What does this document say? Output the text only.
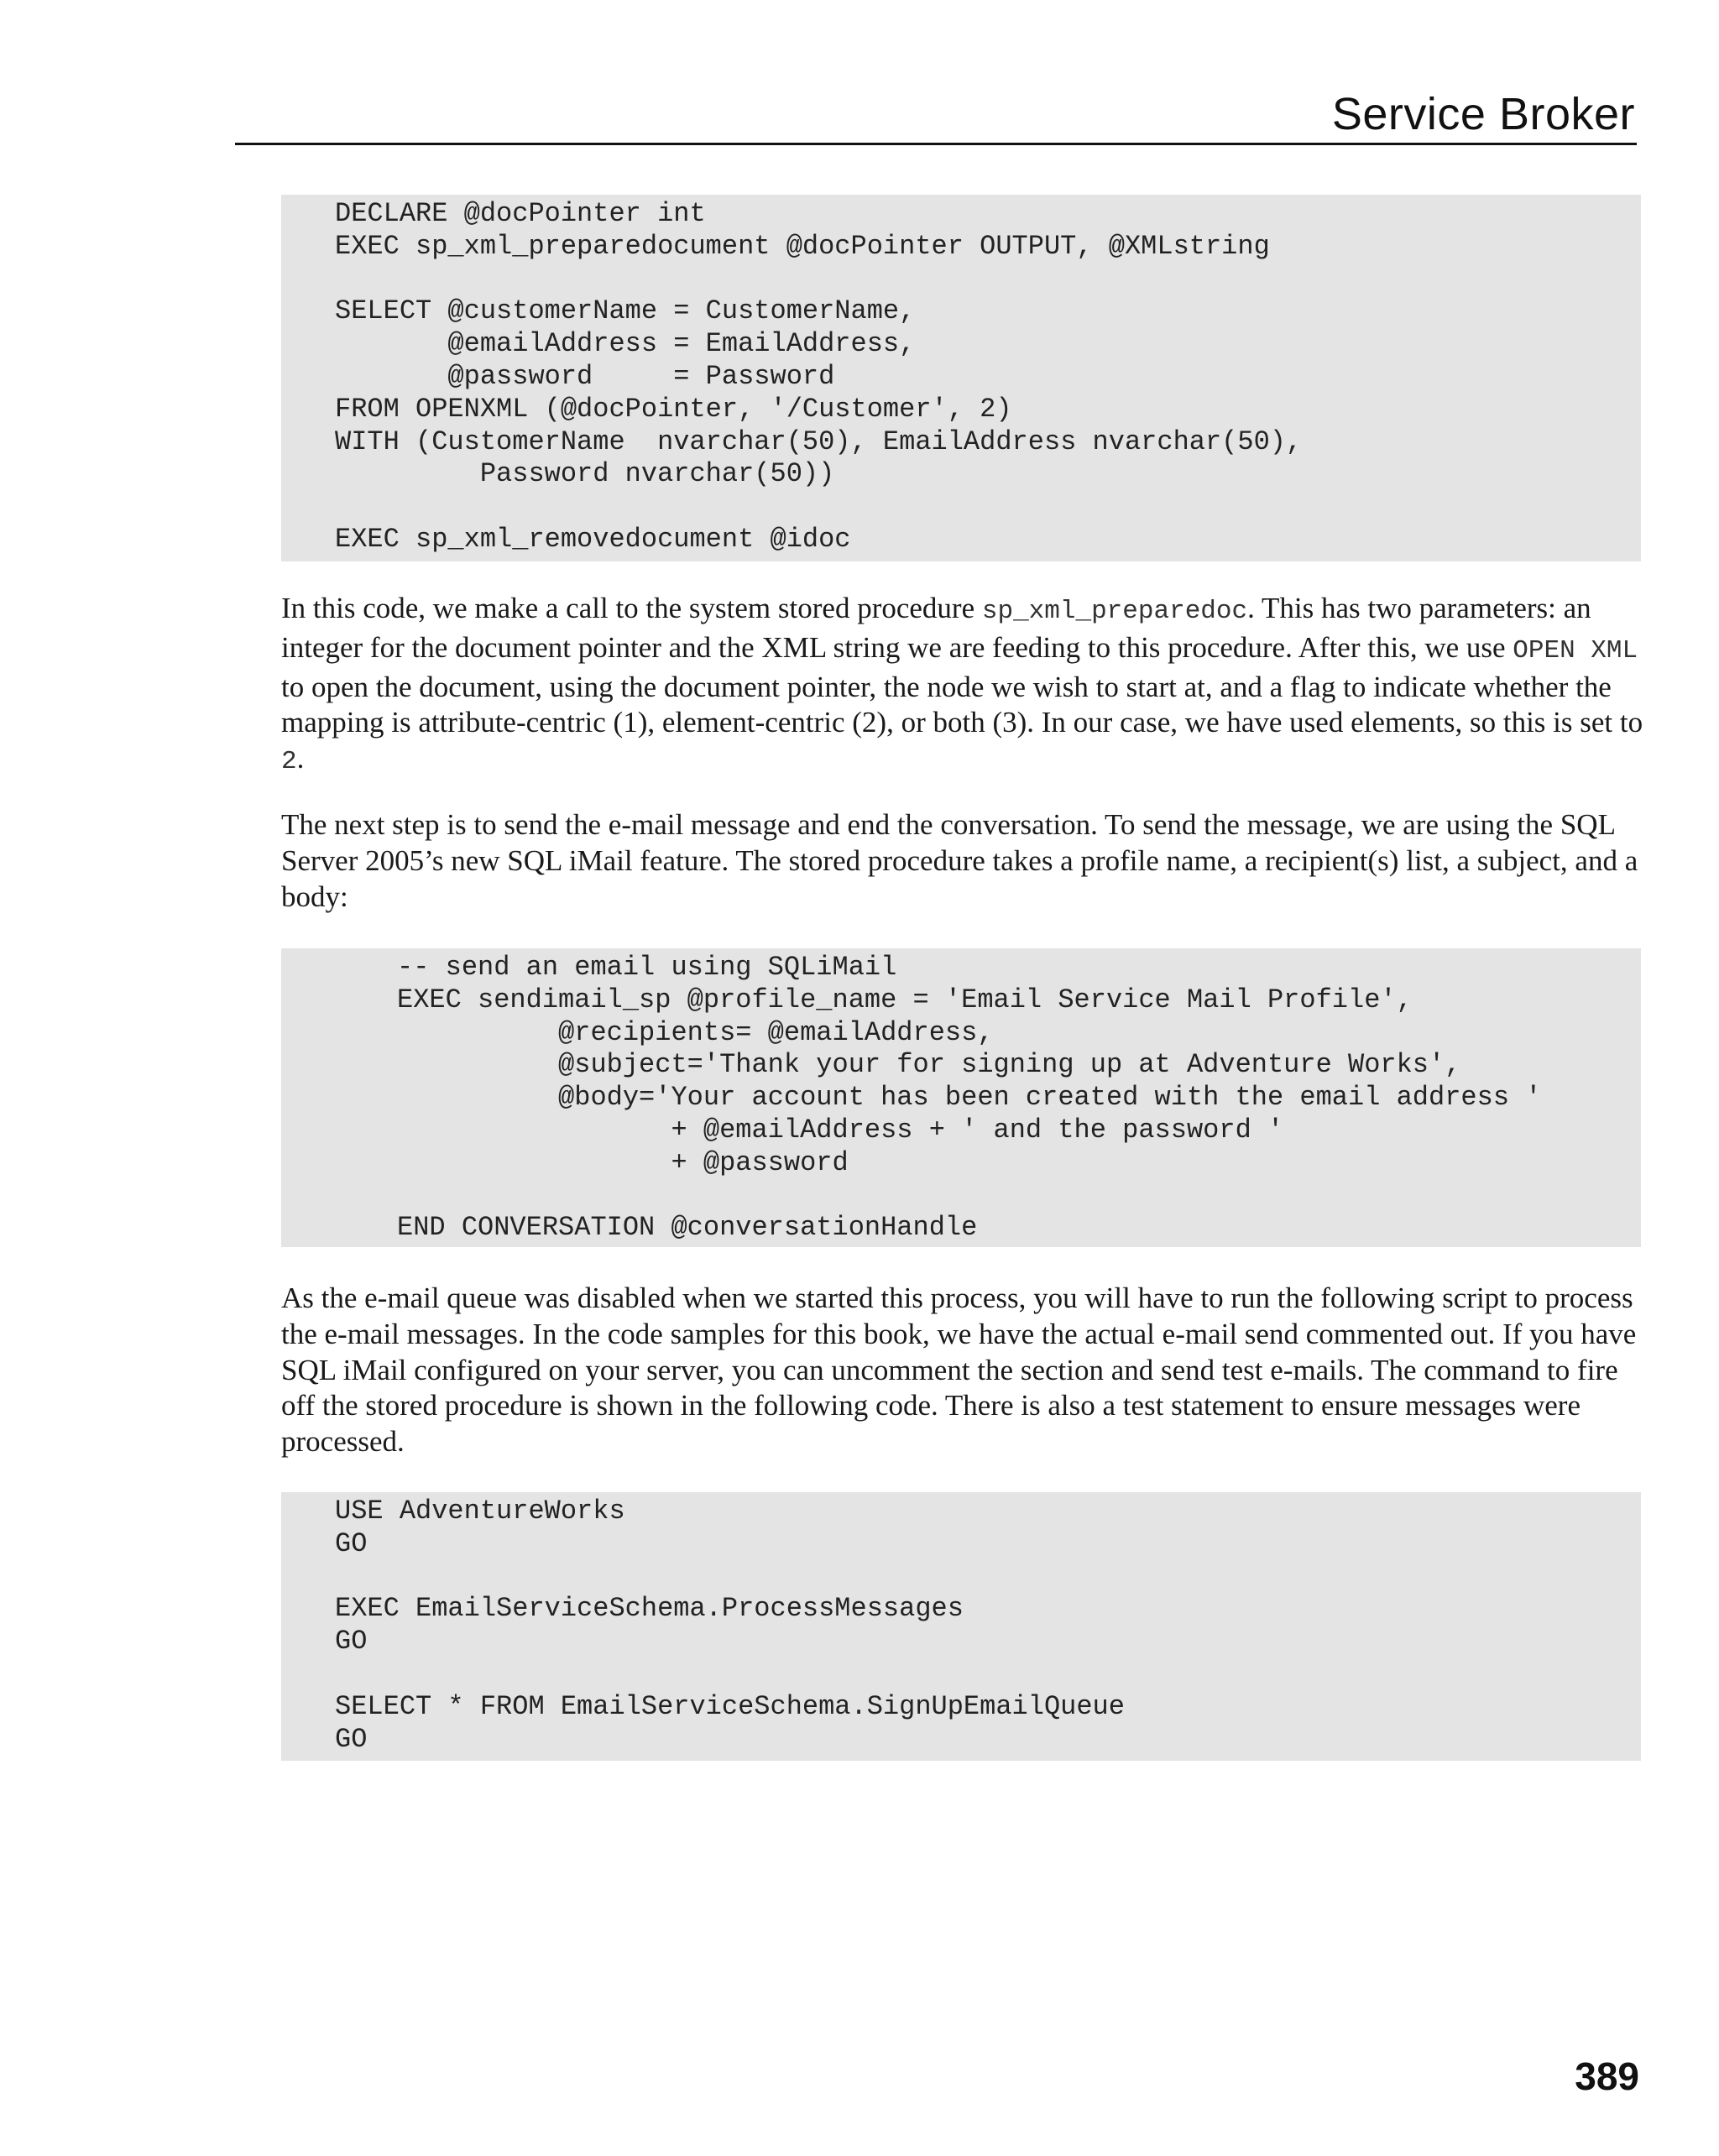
Service Broker
DECLARE @docPointer int
EXEC sp_xml_preparedocument @docPointer OUTPUT, @XMLstring
SELECT @customerName = CustomerName,
@emailAddress = EmailAddress,
@password     = Password
FROM OPENXML (@docPointer, '/Customer', 2)
WITH (CustomerName  nvarchar(50), EmailAddress nvarchar(50),
Password nvarchar(50))
EXEC sp_xml_removedocument @idoc

In this code, we make a call to the system stored procedure sp_xml_preparedoc. This has two parameters: an integer for the document pointer and the XML string we are feeding to this procedure. After this, we use OPEN XML to open the document, using the document pointer, the node we wish to start at, and a flag to indicate whether the mapping is attribute-centric (1), element-centric (2), or both (3). In our case, we have used elements, so this is set to 2.

The next step is to send the e-mail message and end the conversation. To send the message, we are using the SQL Server 2005’s new SQL iMail feature. The stored procedure takes a profile name, a recipient(s) list, a subject, and a body:

-- send an email using SQLiMail
EXEC sendimail_sp @profile_name = 'Email Service Mail Profile',
@recipients= @emailAddress,
@subject='Thank your for signing up at Adventure Works',
@body='Your account has been created with the email address '
+ @emailAddress + ' and the password '
+ @password
END CONVERSATION @conversationHandle

As the e-mail queue was disabled when we started this process, you will have to run the following script to process the e-mail messages. In the code samples for this book, we have the actual e-mail send commented out. If you have SQL iMail configured on your server, you can uncomment the section and send test e-mails. The command to fire off the stored procedure is shown in the following code. There is also a test statement to ensure messages were processed.

USE AdventureWorks
GO
EXEC EmailServiceSchema.ProcessMessages
GO
SELECT * FROM EmailServiceSchema.SignUpEmailQueue
GO
389
